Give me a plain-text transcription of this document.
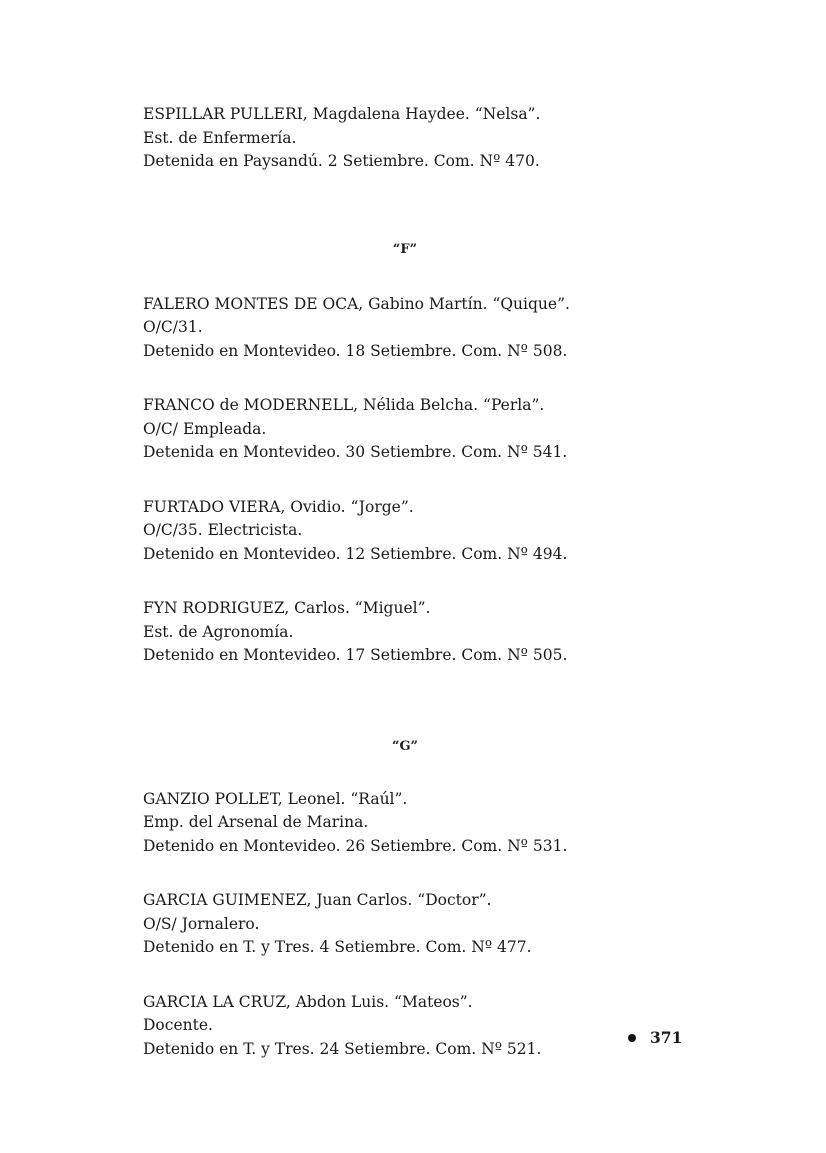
ESPILLAR PULLERI, Magdalena Haydee. “Nelsa”.
Est. de Enfermería.
Detenida en Paysandú. 2 Setiembre. Com. Nº 470.
“F”
FALERO MONTES DE OCA, Gabino Martín. “Quique”.
O/C/31.
Detenido en Montevideo. 18 Setiembre. Com. Nº 508.
FRANCO de MODERNELL, Nélida Belcha. “Perla”.
O/C/ Empleada.
Detenida en Montevideo. 30 Setiembre. Com. Nº 541.
FURTADO VIERA, Ovidio. “Jorge”.
O/C/35. Electricista.
Detenido en Montevideo. 12 Setiembre. Com. Nº 494.
FYN RODRIGUEZ, Carlos. “Miguel”.
Est. de Agronomía.
Detenido en Montevideo. 17 Setiembre. Com. Nº 505.
“G”
GANZIO POLLET, Leonel. “Raúl”.
Emp. del Arsenal de Marina.
Detenido en Montevideo. 26 Setiembre. Com. Nº 531.
GARCIA GUIMENEZ, Juan Carlos. “Doctor”.
O/S/ Jornalero.
Detenido en T. y Tres. 4 Setiembre. Com. Nº 477.
GARCIA LA CRUZ, Abdon Luis. “Mateos”.
Docente.
Detenido en T. y Tres. 24 Setiembre. Com. Nº 521.
371
